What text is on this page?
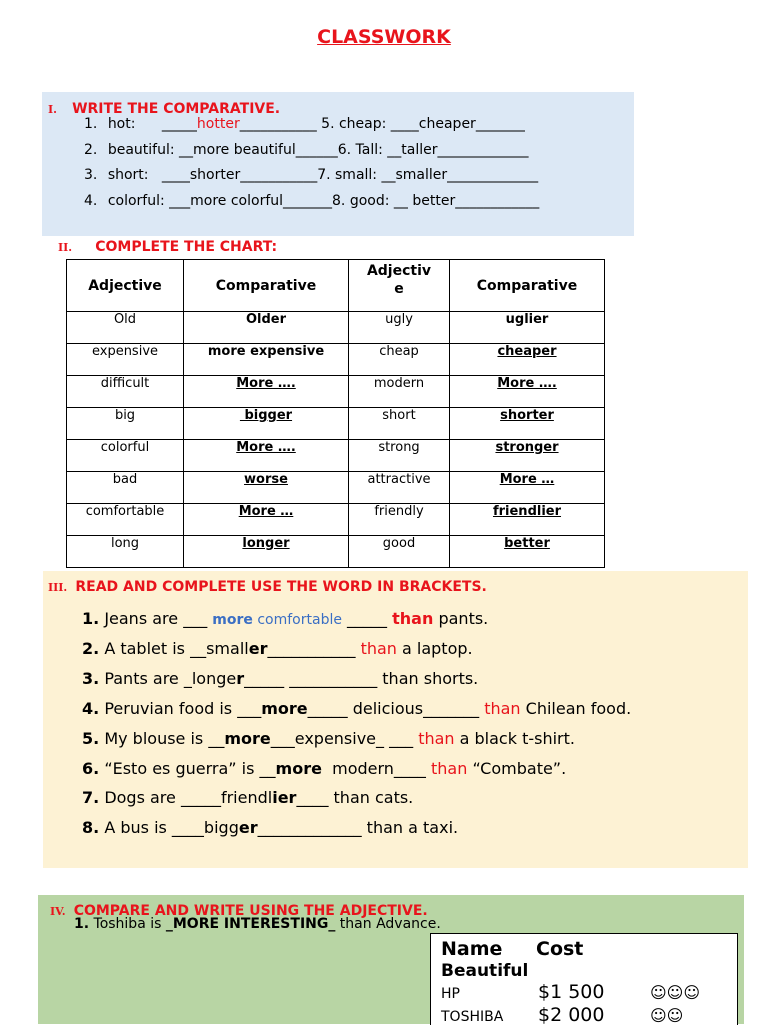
CLASSWORK
I. WRITE THE COMPARATIVE.
1. hot: _____hotter___________ 5. cheap: ____cheaper_______
2. beautiful: __more beautiful______6. Tall: __taller_____________
3. short:   ____shorter___________7. small: __smaller_____________
4. colorful: ___more colorful_______8. good: __ better____________
II. COMPLETE THE CHART:
Adjective	Comparative	Adjective	Comparative
Old	Older	ugly	uglier
expensive	more expensive	cheap	cheaper
difficult	More ….	modern	More ….
big	bigger	short	shorter
colorful	More ….	strong	stronger
bad	worse	attractive	More …
comfortable	More …	friendly	friendlier
long	longer	good	better
III. READ AND COMPLETE USE THE WORD IN BRACKETS.
1. Jeans are ___ more comfortable _____ than pants.
2. A tablet is __smaller___________ than a laptop.
3. Pants are _longer_____ ___________ than shorts.
4. Peruvian food is ___more_____ delicious_______ than Chilean food.
5. My blouse is __more___expensive_ ___ than a black t-shirt.
6. “Esto es guerra” is __more  modern____ than “Combate”.
7. Dogs are _____friendlier____ than cats.
8. A bus is ____bigger_____________ than a taxi.
IV. COMPARE AND WRITE USING THE ADJECTIVE.
1. Toshiba is _MORE INTERESTING_ than Advance.
Name Cost
Beautiful
HP	$1 500	☺☺☺
TOSHIBA $2 000	☺☺
